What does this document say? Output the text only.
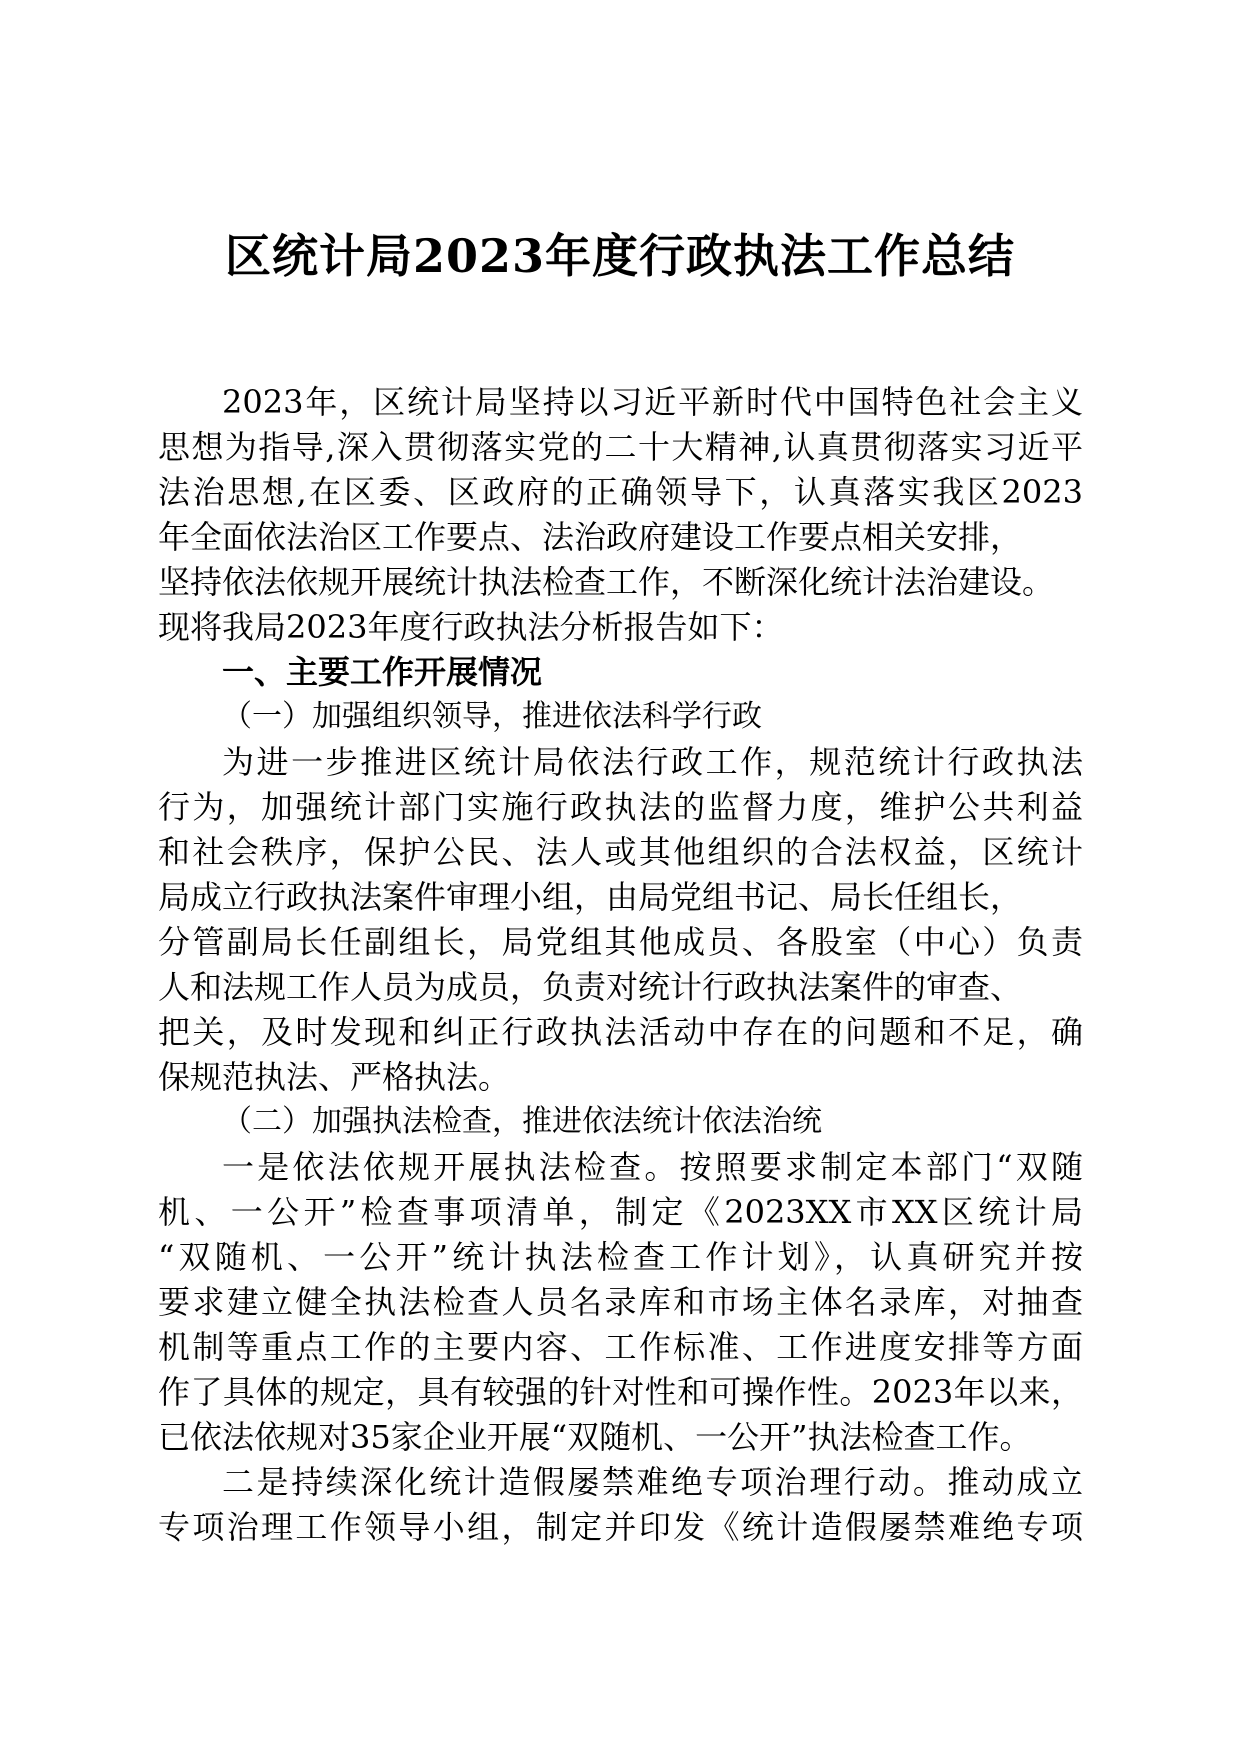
区统计局2023年度行政执法工作总结
2023年，区统计局坚持以习近平新时代中国特色社会主义
思想为指导,深入贯彻落实党的二十大精神,认真贯彻落实习近平
法治思想,在区委、区政府的正确领导下，认真落实我区2023
年全面依法治区工作要点、法治政府建设工作要点相关安排，
坚持依法依规开展统计执法检查工作，不断深化统计法治建设。
现将我局2023年度行政执法分析报告如下：
一、主要工作开展情况
（一）加强组织领导，推进依法科学行政
为进一步推进区统计局依法行政工作，规范统计行政执法
行为，加强统计部门实施行政执法的监督力度，维护公共利益
和社会秩序，保护公民、法人或其他组织的合法权益，区统计
局成立行政执法案件审理小组，由局党组书记、局长任组长，
分管副局长任副组长，局党组其他成员、各股室（中心）负责
人和法规工作人员为成员，负责对统计行政执法案件的审查、
把关，及时发现和纠正行政执法活动中存在的问题和不足，确
保规范执法、严格执法。
（二）加强执法检查，推进依法统计依法治统
一是依法依规开展执法检查。按照要求制定本部门“双随
机、一公开”检查事项清单，制定《2023XX市XX区统计局
“双随机、一公开”统计执法检查工作计划》，认真研究并按
要求建立健全执法检查人员名录库和市场主体名录库，对抽查
机制等重点工作的主要内容、工作标准、工作进度安排等方面
作了具体的规定，具有较强的针对性和可操作性。2023年以来，
已依法依规对35家企业开展“双随机、一公开”执法检查工作。
二是持续深化统计造假屡禁难绝专项治理行动。推动成立
专项治理工作领导小组，制定并印发《统计造假屡禁难绝专项
